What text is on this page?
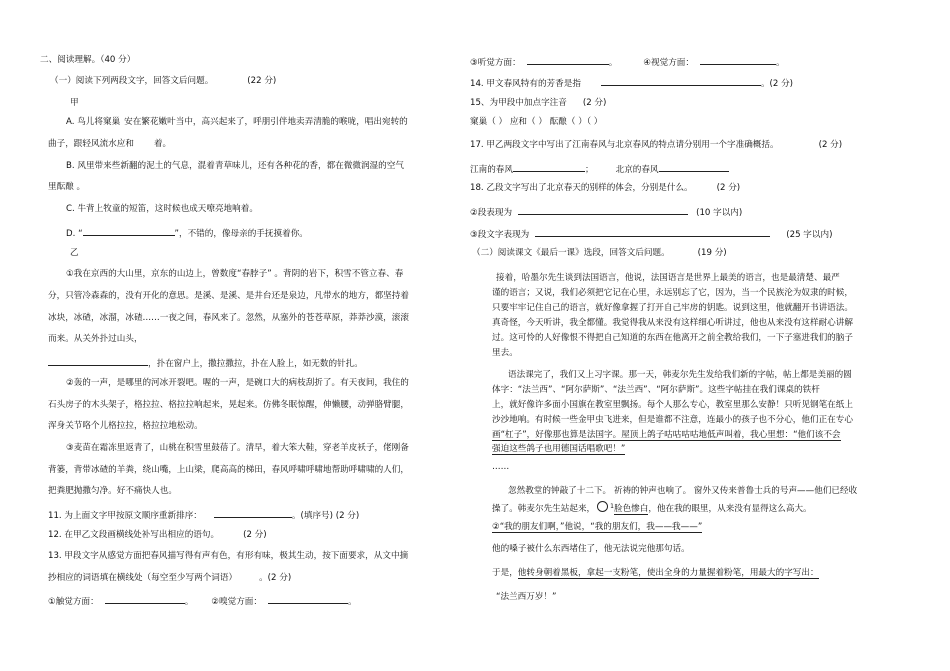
二、阅读理解。（40 分）
（一）阅读下列两段文字，回答文后问题。	(22 分)
甲
A. 鸟儿将窠巢 安在繁花嫩叶当中，高兴起来了，呼朋引伴地卖弄清脆的喉咙，唱出宛转的
曲子，跟轻风流水应和 着。
B. 风里带来些新翻的泥土的气息，混着青草味儿，还有各种花的香，都在微微润湿的空气
里酝酿 。
C. 牛背上牧童的短笛，这时候也成天嘹亮地响着。
D. “	”，不错的，像母亲的手抚摸着你。
乙
①我在京西的大山里，京东的山边上，曾数度“春脖子” 。背阴的岩下，积雪不管立春、春
分，只管冷森森的，没有开化的意思。是溪、是溪、是井台还是泉边，凡带水的地方，都坚持着
冰块，冰碴，冰溜，冰碴……一夜之间，春风来了。忽然，从塞外的苍苍草原，莽莽沙漠，滚滚
而来。从关外扑过山头，
，扑在窗户上，撒拉撒拉，扑在人脸上，如无数的针扎。
②轰的一声，是哪里的河冰开裂吧。喔的一声，是碗口大的病枝刮折了。有天夜间，我住的
石头房子的木头架子，格拉拉、格拉拉响起来，晃起来。仿佛冬眠惊醒，伸懒腰，动弹胳臂腿，
浑身关节咯个儿格拉拉，格拉拉地松动。
③麦苗在霜冻里返青了，山桃在积雪里鼓蓓了。清早，着大笨大鞋，穿老羊皮袄子，佬刚备
背篓，背带冰碴的羊粪，绕山嘴，上山梁，爬高高的梯田，春风呼啸呼啸地帮助呼啸啸的人们，
把粪肥抛撒匀净。好不痛快人也。
11. 为上面文字甲按原文顺序重新排序：	。(填序号) (2 分)
12. 在甲乙文段画横线处补写出相应的语句。	(2 分)
13. 甲段文字从感觉方面把春风描写得有声有色，有形有味，极其生动，按下面要求，从文中摘
抄相应的词语填在横线处（每空至少写两个词语）	。(2 分)
①触觉方面：	。 ②嗅觉方面：	。
③听觉方面：	。	④视觉方面：	。
14. 甲文春风特有的芳香是指	。(2 分)
15、为甲段中加点字注音 (2 分)
窠巢（ ） 应和（ ） 酝酿（ ）（ ）
17. 甲乙两段文字中写出了江南春风与北京春风的特点请分别用一个字准确概括。	(2 分)
江南的春风	；	北京的春风
18. 乙段文字写出了北京春天的别样的体会，分别是什么。	(2 分)
②段表现为	(10 字以内)
③段文字表现为	(25 字以内)
（二）阅读课文《最后一课》选段，回答文后问题。	(19 分)
接着，哈墨尔先生谈到法国语言，他说，法国语言是世界上最美的语言，也是最清楚、最严
谨的语言；又说，我们必须把它记在心里，永远别忘了它，因为，当一个民族沦为奴隶的时候，
只要牢牢记住自己的语言，就好像拿握了打开自己牢房的钥匙。说到这里，他就翻开书讲语法。
真奇怪，今天听讲，我全都懂。我觉得我从来没有这样细心听讲过，他也从来没有这样耐心讲解
过。这可怜的人好像恨不得把自己知道的东西在他离开之前全教给我们，一下子塞进我们的脑子
里去。
语法课完了，我们又上习字课。那一天，韩麦尔先生发给我们新的字帖，帖上都是美丽的圆
体字：“法兰西”、“阿尔萨斯”、“法兰西”、“阿尔萨斯”。这些字帖挂在我们课桌的铁杆
上，就好像许多面小国旗在教室里飘扬。每个人那么专心，教室里那么安静！只听见钢笔在纸上
沙沙地响。有时候一些金甲虫飞进来，但是谁都不注意，连最小的孩子也不分心，他们正在专心
画“杠子”，好像那也算是法国字。屋顶上鸽子咕咕咕咕地低声叫着，我心里想：“他们该不会
强迫这些鸽子也用德国话唱歌吧！”
……
忽然教堂的钟敲了十二下。 祈祷的钟声也响了。 窗外又传来普鲁士兵的号声——他们已经收
操了。韩麦尔先生站起来，	$^1$脸色惨白，他在我的眼里，从来没有显得这么高大。
②“我的朋友们啊，”他说，“我的朋友们，我——我——”
他的嗓子被什么东西堵住了，他无法说完他那句话。
于是，他转身朝着黑板，拿起一支粉笔，使出全身的力量握着粉笔，用最大的字写出：
“法兰西万岁！”
